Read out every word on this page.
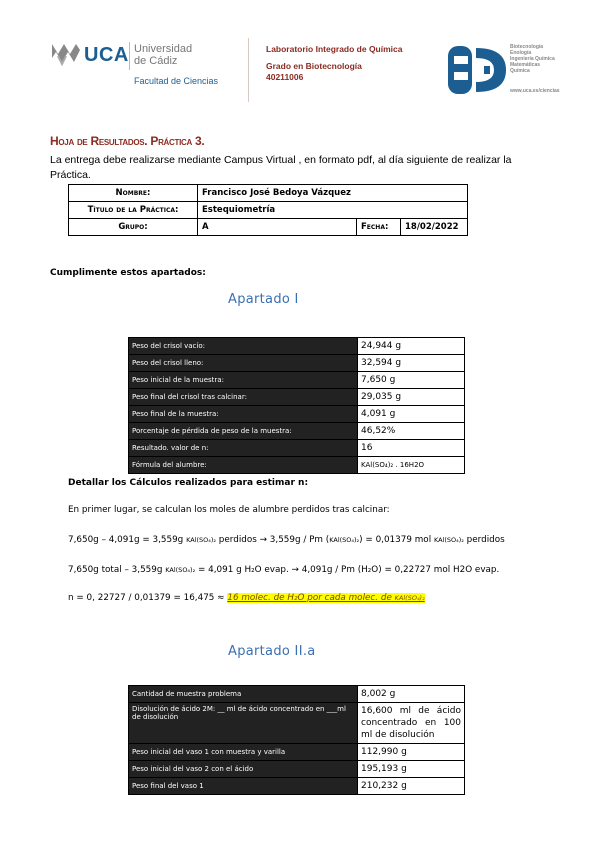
UCA Universidad
de Cádiz
Facultad de Ciencias
Laboratorio Integrado de Química
Grado en Biotecnología
40211006
Biotecnología
Enología
Ingeniería Química
Matemáticas
Química
www.uca.es/ciencias
Hoja de Resultados. Práctica 3.
La entrega debe realizarse mediante Campus Virtual , en formato pdf, al día siguiente de realizar la Práctica.
Nombre:	Francisco José Bedoya Vázquez		
Título de la Práctica:	Estequiometría		
Grupo:	A	Fecha:	18/02/2022
Cumplimente estos apartados:
Apartado I
Peso del crisol vacío:	24,944 g
Peso del crisol lleno:	32,594 g
Peso inicial de la muestra:	7,650 g
Peso final del crisol tras calcinar:	29,035 g
Peso final de la muestra:	4,091 g
Porcentaje de pérdida de peso de la muestra:	46,52%
Resultado. valor de n:	16
Fórmula del alumbre:	KAl(SO₄)₂ . 16H2O
Detallar los Cálculos realizados para estimar n:
En primer lugar, se calculan los moles de alumbre perdidos tras calcinar:
7,650g – 4,091g = 3,559g KAl(SO₄)₂ perdidos → 3,559g / Pm (KAl(SO₄)₂) = 0,01379 mol KAl(SO₄)₂ perdidos
7,650g total – 3,559g KAl(SO₄)₂ = 4,091 g H₂O evap. → 4,091g / Pm (H₂O) = 0,22727 mol H2O evap.
n = 0, 22727 / 0,01379 = 16,475 ≈ 16 molec. de H₂O por cada molec. de KAl(SO₄)₂
Apartado II.a
Cantidad de muestra problema	8,002 g
Disolución de ácido 2M: __ ml de ácido concentrado en ___ml de disolución	16,600 ml de ácido concentrado en 100 ml de disolución
Peso inicial del vaso 1 con muestra y varilla	112,990 g
Peso inicial del vaso 2 con el ácido	195,193 g
Peso final del vaso 1	210,232 g
